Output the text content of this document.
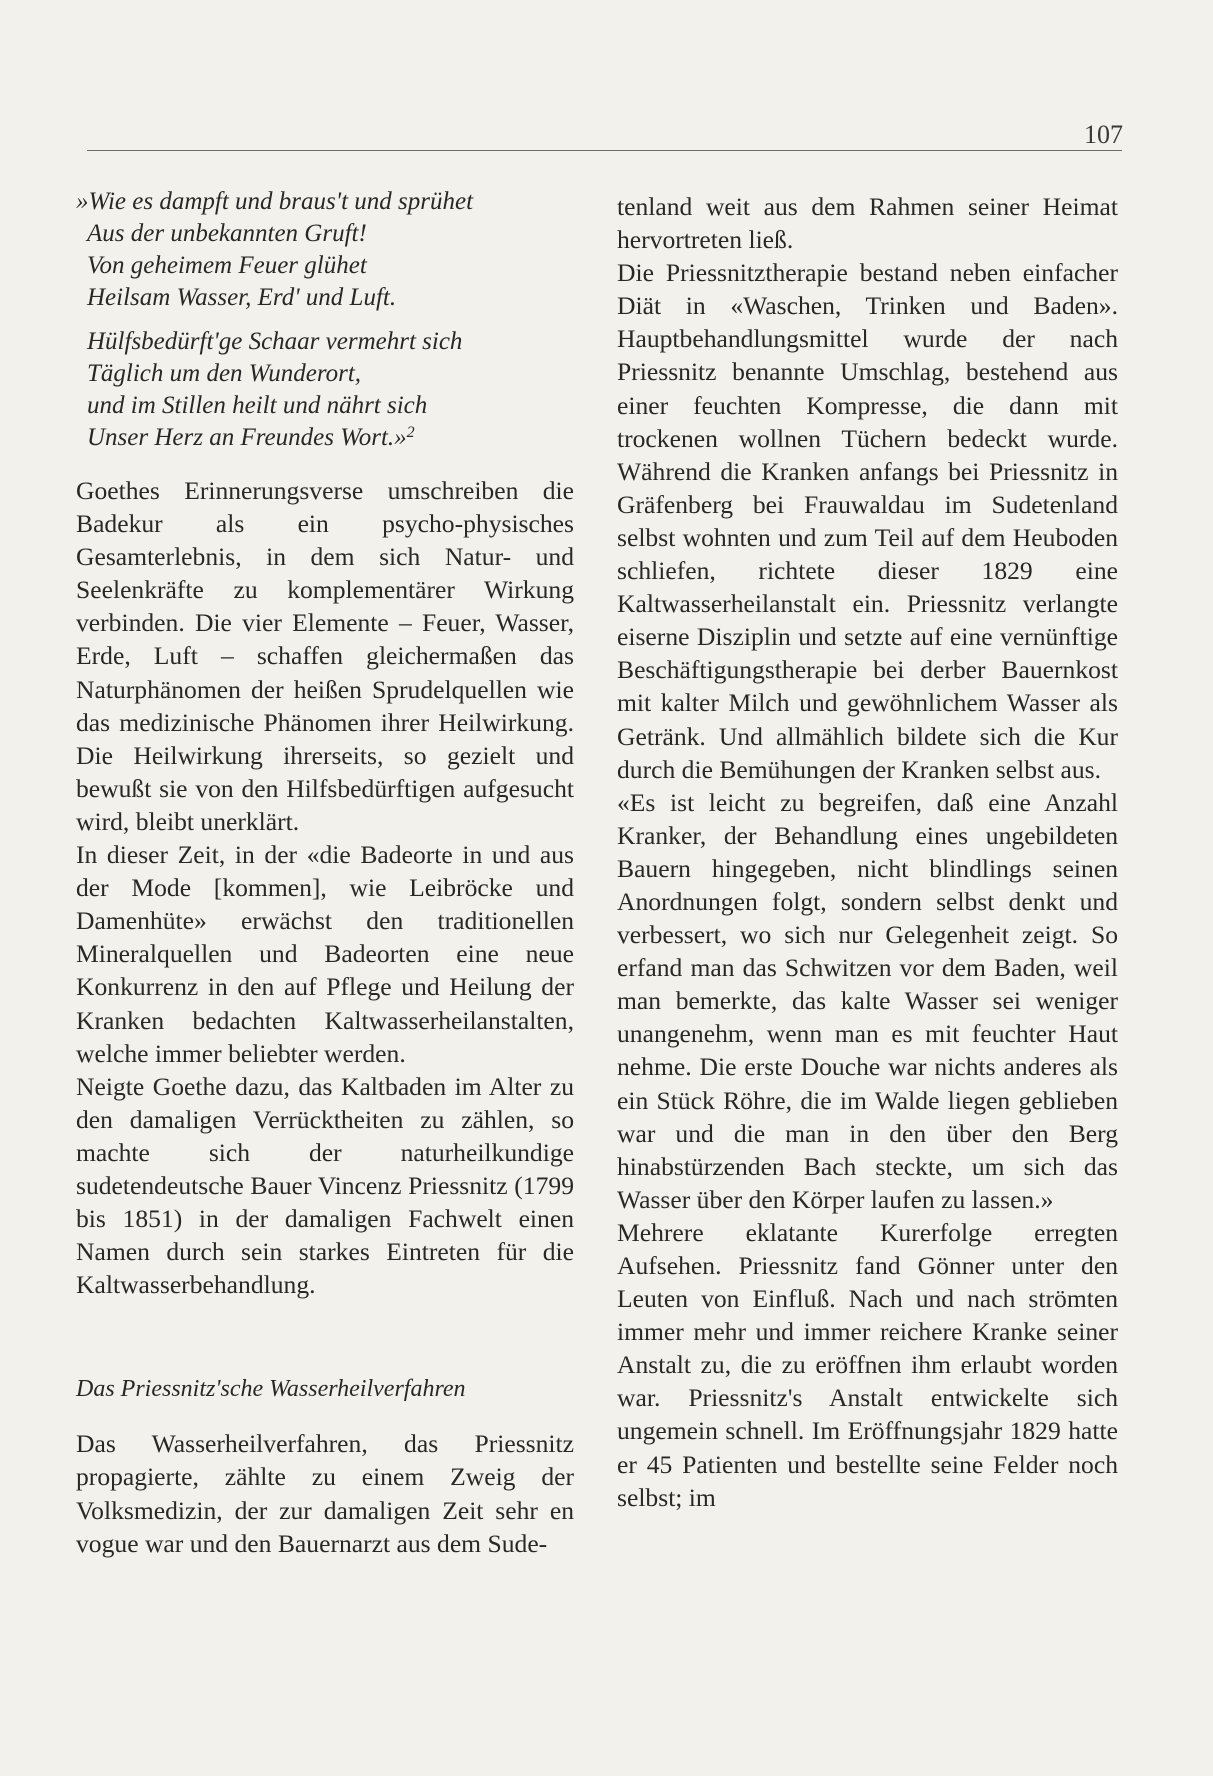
107
»Wie es dampft und braus't und sprühet
Aus der unbekannten Gruft!
Von geheimem Feuer glühet
Heilsam Wasser, Erd' und Luft.
Hülfsbedürft'ge Schaar vermehrt sich
Täglich um den Wunderort,
und im Stillen heilt und nährt sich
Unser Herz an Freundes Wort.»$^2$

Goethes Erinnerungsverse umschreiben die Badekur als ein psycho-physisches Gesamterlebnis, in dem sich Natur- und Seelenkräfte zu komplementärer Wirkung verbinden. Die vier Elemente – Feuer, Wasser, Erde, Luft – schaffen gleichermaßen das Naturphänomen der heißen Sprudelquellen wie das medizinische Phänomen ihrer Heilwirkung. Die Heilwirkung ihrerseits, so gezielt und bewußt sie von den Hilfsbedürftigen aufgesucht wird, bleibt unerklärt.

In dieser Zeit, in der «die Badeorte in und aus der Mode [kommen], wie Leibröcke und Damenhüte» erwächst den traditionellen Mineralquellen und Badeorten eine neue Konkurrenz in den auf Pflege und Heilung der Kranken bedachten Kaltwasserheilanstalten, welche immer beliebter werden.

Neigte Goethe dazu, das Kaltbaden im Alter zu den damaligen Verrücktheiten zu zählen, so machte sich der naturheilkundige sudetendeutsche Bauer Vincenz Priessnitz (1799 bis 1851) in der damaligen Fachwelt einen Namen durch sein starkes Eintreten für die Kaltwasserbehandlung.

Das Priessnitz'sche Wasserheilverfahren

Das Wasserheilverfahren, das Priessnitz propagierte, zählte zu einem Zweig der Volksmedizin, der zur damaligen Zeit sehr en vogue war und den Bauernarzt aus dem Sude-

tenland weit aus dem Rahmen seiner Heimat hervortreten ließ.

Die Priessnitztherapie bestand neben einfacher Diät in «Waschen, Trinken und Baden». Hauptbehandlungsmittel wurde der nach Priessnitz benannte Umschlag, bestehend aus einer feuchten Kompresse, die dann mit trockenen wollnen Tüchern bedeckt wurde. Während die Kranken anfangs bei Priessnitz in Gräfenberg bei Frauwaldau im Sudetenland selbst wohnten und zum Teil auf dem Heuboden schliefen, richtete dieser 1829 eine Kaltwasserheilanstalt ein. Priessnitz verlangte eiserne Disziplin und setzte auf eine vernünftige Beschäftigungstherapie bei derber Bauernkost mit kalter Milch und gewöhnlichem Wasser als Getränk. Und allmählich bildete sich die Kur durch die Bemühungen der Kranken selbst aus.

«Es ist leicht zu begreifen, daß eine Anzahl Kranker, der Behandlung eines ungebildeten Bauern hingegeben, nicht blindlings seinen Anordnungen folgt, sondern selbst denkt und verbessert, wo sich nur Gelegenheit zeigt. So erfand man das Schwitzen vor dem Baden, weil man bemerkte, das kalte Wasser sei weniger unangenehm, wenn man es mit feuchter Haut nehme. Die erste Douche war nichts anderes als ein Stück Röhre, die im Walde liegen geblieben war und die man in den über den Berg hinabstürzenden Bach steckte, um sich das Wasser über den Körper laufen zu lassen.»

Mehrere eklatante Kurerfolge erregten Aufsehen. Priessnitz fand Gönner unter den Leuten von Einfluß. Nach und nach strömten immer mehr und immer reichere Kranke seiner Anstalt zu, die zu eröffnen ihm erlaubt worden war. Priessnitz's Anstalt entwickelte sich ungemein schnell. Im Eröffnungsjahr 1829 hatte er 45 Patienten und bestellte seine Felder noch selbst; im
